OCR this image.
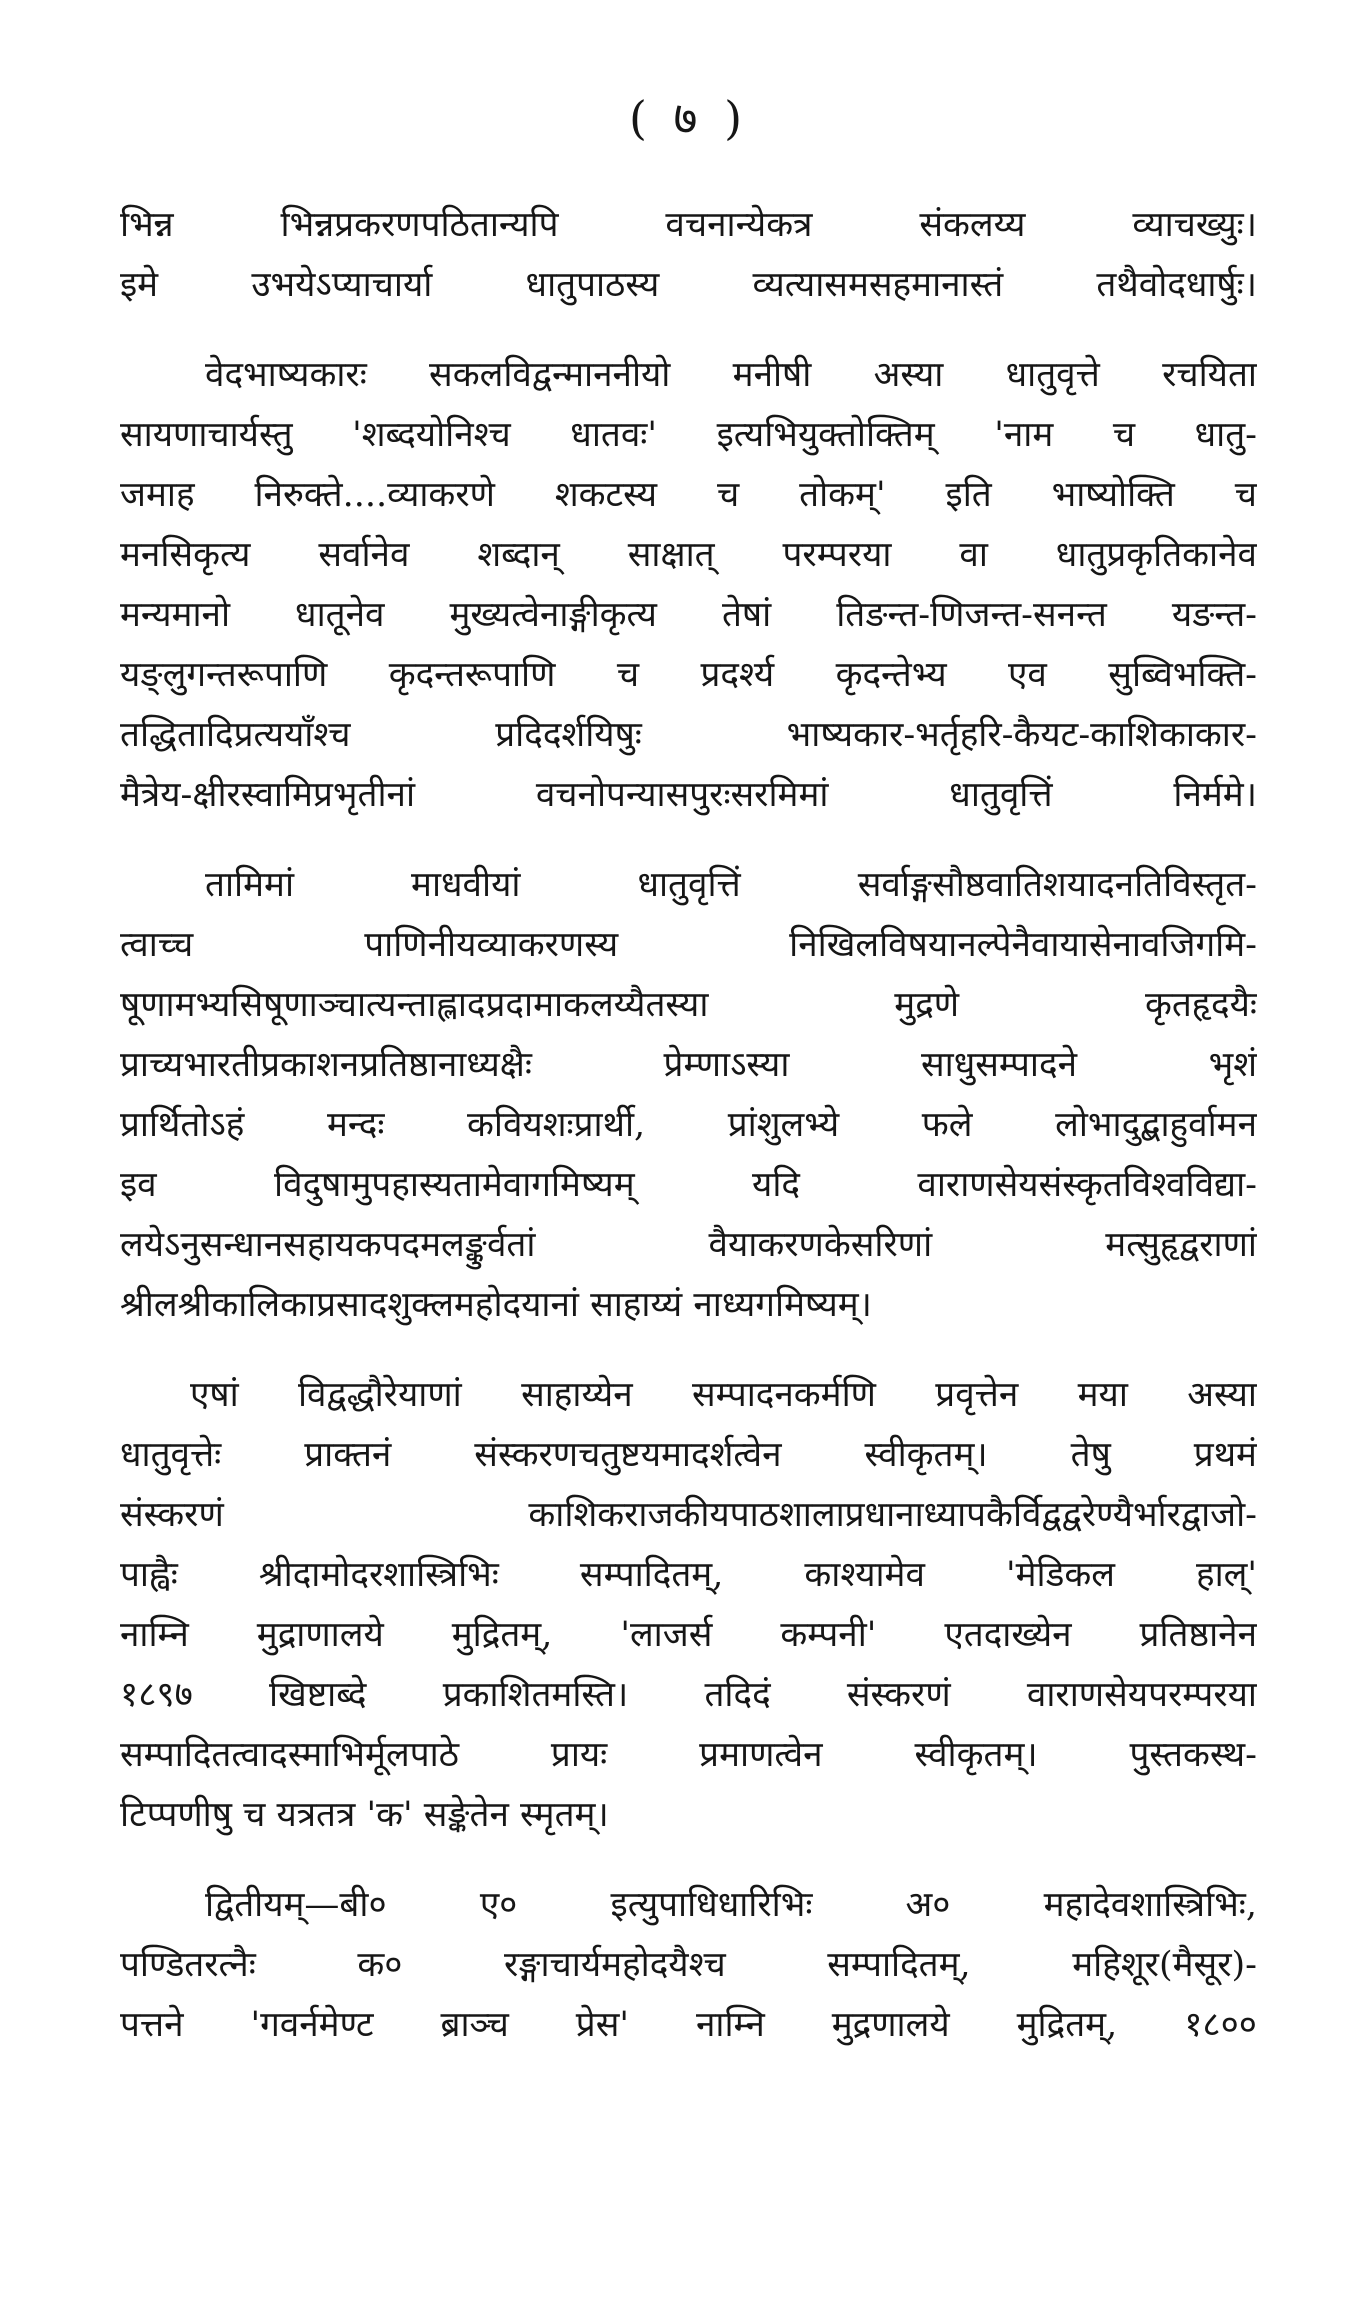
( ७ )
भिन्न भिन्नप्रकरणपठितान्यपि वचनान्येकत्र संकलय्य व्याचख्युः।
इमे उभयेऽप्याचार्या धातुपाठस्य व्यत्यासमसहमानास्तं तथैवोदधार्षुः।
वेदभाष्यकारः सकलविद्वन्माननीयो मनीषी अस्या धातुवृत्ते रचयिता
सायणाचार्यस्तु 'शब्दयोनिश्च धातवः' इत्यभियुक्तोक्तिम् 'नाम च धातु-
जमाह निरुक्ते....व्याकरणे शकटस्य च तोकम्' इति भाष्योक्ति च
मनसिकृत्य सर्वानेव शब्दान् साक्षात् परम्परया वा धातुप्रकृतिकानेव
मन्यमानो धातूनेव मुख्यत्वेनाङ्गीकृत्य तेषां तिङन्त-णिजन्त-सनन्त यङन्त-
यङ्लुगन्तरूपाणि कृदन्तरूपाणि च प्रदर्श्य कृदन्तेभ्य एव सुब्विभक्ति-
तद्धितादिप्रत्ययाँश्च प्रदिदर्शयिषुः भाष्यकार-भर्तृहरि-कैयट-काशिकाकार-
मैत्रेय-क्षीरस्वामिप्रभृतीनां वचनोपन्यासपुरःसरमिमां धातुवृत्तिं निर्ममे।
तामिमां माधवीयां धातुवृत्तिं सर्वाङ्गसौष्ठवातिशयादनतिविस्तृत-
त्वाच्च पाणिनीयव्याकरणस्य निखिलविषयानल्पेनैवायासेनावजिगमि-
षूणामभ्यसिषूणाञ्चात्यन्ताह्लादप्रदामाकलय्यैतस्या मुद्रणे कृतहृदयैः
प्राच्यभारतीप्रकाशनप्रतिष्ठानाध्यक्षैः प्रेम्णाऽस्या साधुसम्पादने भृशं
प्रार्थितोऽहं मन्दः कवियशःप्रार्थी, प्रांशुलभ्ये फले लोभादुद्बाहुर्वामन
इव विदुषामुपहास्यतामेवागमिष्यम् यदि वाराणसेयसंस्कृतविश्वविद्या-
लयेऽनुसन्धानसहायकपदमलङ्कुर्वतां वैयाकरणकेसरिणां मत्सुहृद्वराणां
श्रीलश्रीकालिकाप्रसादशुक्लमहोदयानां साहाय्यं नाध्यगमिष्यम्।
एषां विद्वद्धौरेयाणां साहाय्येन सम्पादनकर्मणि प्रवृत्तेन मया अस्या
धातुवृत्तेः प्राक्तनं संस्करणचतुष्टयमादर्शत्वेन स्वीकृतम्। तेषु प्रथमं
संस्करणं काशिकराजकीयपाठशालाप्रधानाध्यापकैर्विद्वद्वरेण्यैर्भारद्वाजो-
पाह्वैः श्रीदामोदरशास्त्रिभिः सम्पादितम्, काश्यामेव 'मेडिकल हाल्'
नाम्नि मुद्राणालये मुद्रितम्, 'लाजर्स कम्पनी' एतदाख्येन प्रतिष्ठानेन
१८९७ खिष्टाब्दे प्रकाशितमस्ति। तदिदं संस्करणं वाराणसेयपरम्परया
सम्पादितत्वादस्माभिर्मूलपाठे प्रायः प्रमाणत्वेन स्वीकृतम्। पुस्तकस्थ-
टिप्पणीषु च यत्रतत्र 'क' सङ्केतेन स्मृतम्।
द्वितीयम्—बी० ए० इत्युपाधिधारिभिः अ० महादेवशास्त्रिभिः,
पण्डितरत्नैः क० रङ्गाचार्यमहोदयैश्च सम्पादितम्, महिशूर(मैसूर)-
पत्तने 'गवर्नमेण्ट ब्राञ्च प्रेस' नाम्नि मुद्रणालये मुद्रितम्, १८००
